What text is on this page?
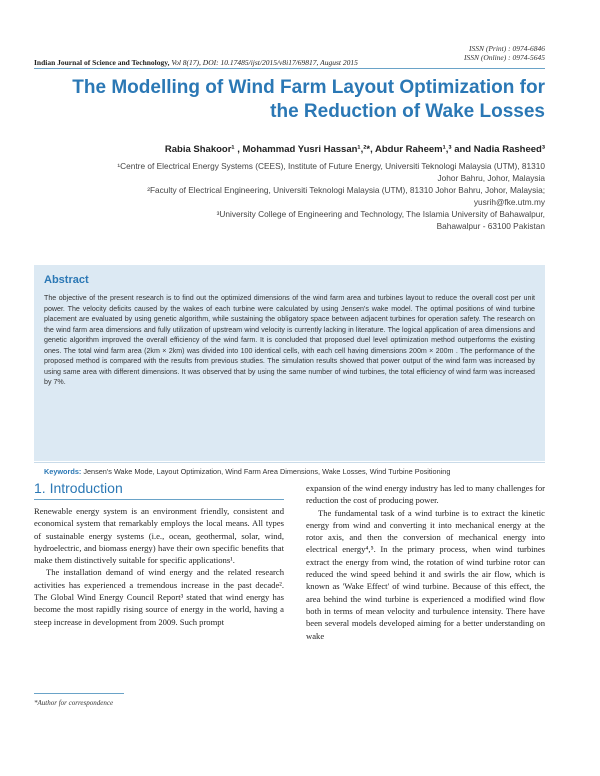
ISSN (Print) : 0974-6846
ISSN (Online) : 0974-5645
Indian Journal of Science and Technology, Vol 8(17), DOI: 10.17485/ijst/2015/v8i17/69817, August 2015
The Modelling of Wind Farm Layout Optimization for the Reduction of Wake Losses
Rabia Shakoor¹ , Mohammad Yusri Hassan¹,²*, Abdur Raheem¹,³ and Nadia Rasheed³
¹Centre of Electrical Energy Systems (CEES), Institute of Future Energy, Universiti Teknologi Malaysia (UTM), 81310
Johor Bahru, Johor, Malaysia
²Faculty of Electrical Engineering, Universiti Teknologi Malaysia (UTM), 81310 Johor Bahru, Johor, Malaysia;
yusrih@fke.utm.my
³University College of Engineering and Technology, The Islamia University of Bahawalpur,
Bahawalpur - 63100 Pakistan
Abstract

The objective of the present research is to find out the optimized dimensions of the wind farm area and turbines layout to reduce the overall cost per unit power. The velocity deficits caused by the wakes of each turbine were calculated by using Jensen's wake model. The optimal positions of wind turbine placement are evaluated by using genetic algorithm, while sustaining the obligatory space between adjacent turbines for operation safety. The research on the wind farm area dimensions and fully utilization of upstream wind velocity is currently lacking in literature. The logical application of area dimensions and genetic algorithm improved the overall efficiency of the wind farm. It is concluded that proposed duel level optimization method outperforms the existing ones. The total wind farm area (2km × 2km) was divided into 100 identical cells, with each cell having dimensions 200m × 200m . The performance of the proposed method is compared with the results from previous studies. The simulation results showed that power output of the wind farm was increased by using same area with different dimensions. It was observed that by using the same number of wind turbines, the total efficiency of wind farm was increased by 7%.

Keywords: Jensen's Wake Mode, Layout Optimization, Wind Farm Area Dimensions, Wake Losses, Wind Turbine Positioning
1. Introduction

Renewable energy system is an environment friendly, consistent and economical system that remarkably employs the local means. All types of sustainable energy systems (i.e., ocean, geothermal, solar, wind, hydroelectric, and biomass energy) have their own specific benefits that make them distinctively suitable for specific applications¹.

The installation demand of wind energy and the related research activities has experienced a tremendous increase in the past decade². The Global Wind Energy Council Report³ stated that wind energy has become the most rapidly rising source of energy in the world, having a steep increase in development from 2009. Such prompt

expansion of the wind energy industry has led to many challenges for reduction the cost of producing power.

The fundamental task of a wind turbine is to extract the kinetic energy from wind and converting it into mechanical energy at the rotor axis, and then the conversion of mechanical energy into electrical energy⁴,⁵. In the primary process, when wind turbines extract the energy from wind, the rotation of wind turbine rotor can reduced the wind speed behind it and swirls the air flow, which is known as 'Wake Effect' of wind turbine. Because of this effect, the area behind the wind turbine is experienced a modified wind flow both in terms of mean velocity and turbulence intensity. There have been several models developed aiming for a better understanding on wake

*Author for correspondence
